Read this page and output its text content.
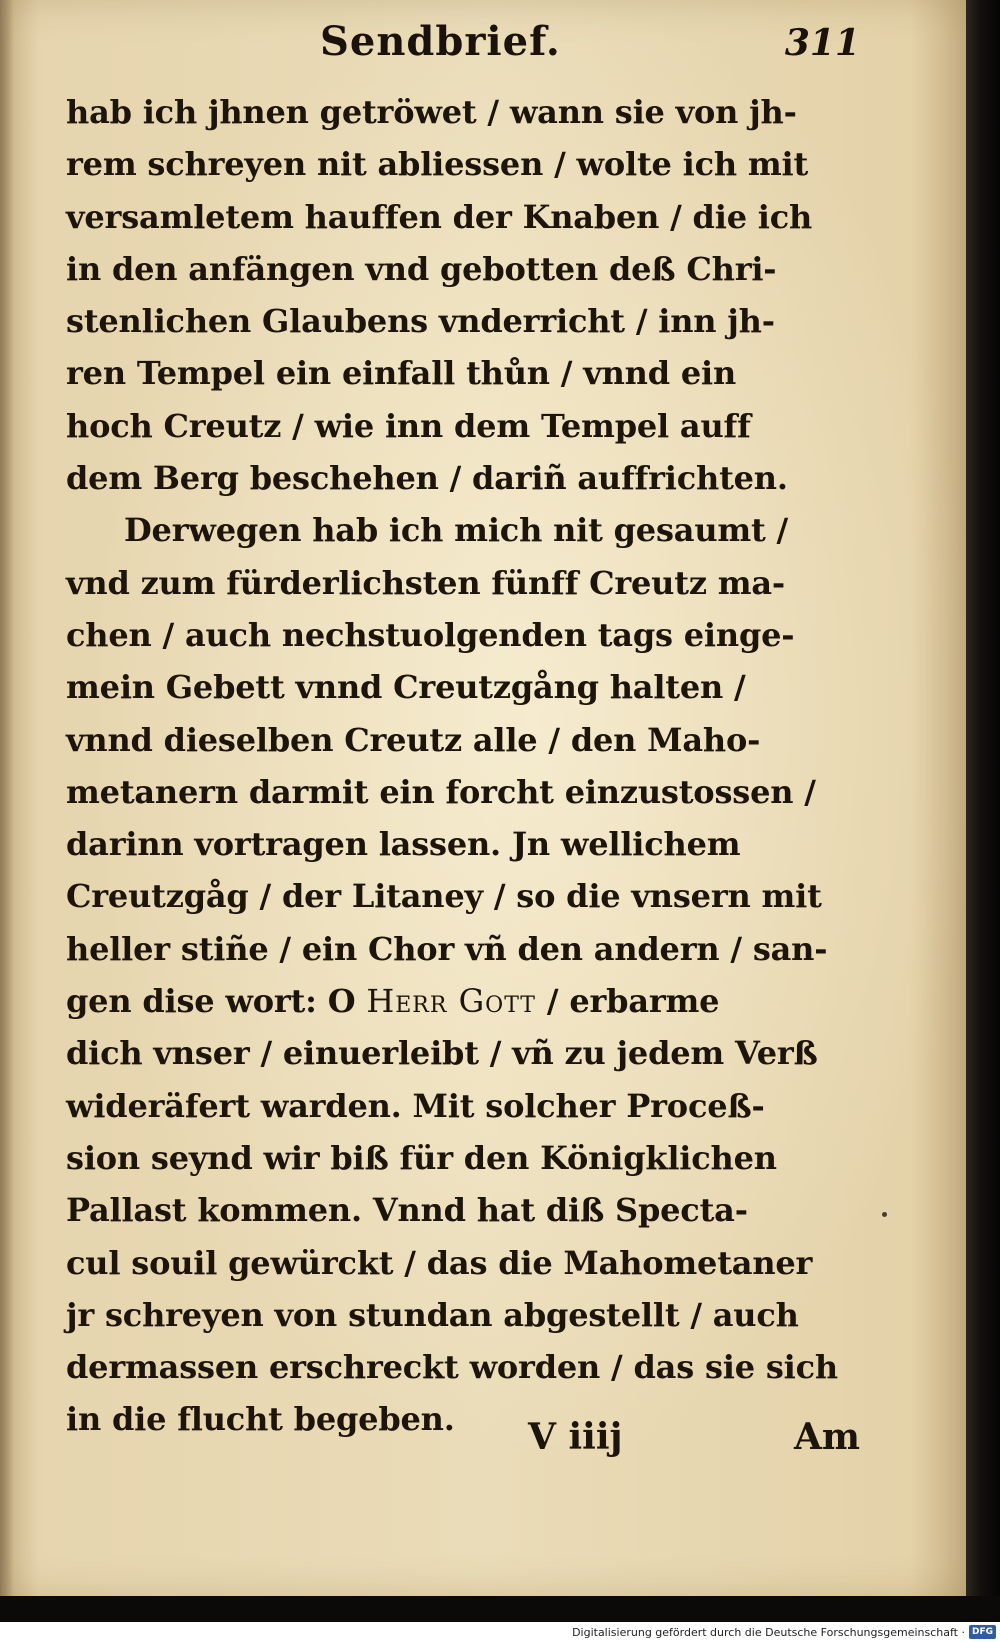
Sendbrief.	311
hab ich jhnen getröwet / wann sie von jh-
rem schreyen nit abliessen / wolte ich mit
versamletem hauffen der Knaben / die ich
in den anfängen vnd gebotten deß Chri-
stenlichen Glaubens vnderricht / inn jh-
ren Tempel ein einfall thůn / vnnd ein
hoch Creutz / wie inn dem Tempel auff
dem Berg beschehen / dariñ auffrichten.
Derwegen hab ich mich nit gesaumt /
vnd zum fürderlichsten fünff Creutz ma-
chen / auch nechstuolgenden tags einge-
mein Gebett vnnd Creutzgång halten /
vnnd dieselben Creutz alle / den Maho-
metanern darmit ein forcht einzustossen /
darinn vortragen lassen. Jn wellichem
Creutzgåg / der Litaney / so die vnsern mit
heller stiñe / ein Chor vñ den andern / san-
gen dise wort: O Herr Gott / erbarme
dich vnser / einuerleibt / vñ zu jedem Verß
wideräfert warden. Mit solcher Proceß-
sion seynd wir biß für den Königklichen
Pallast kommen. Vnnd hat diß Specta-
cul souil gewürckt / das die Mahometaner
jr schreyen von stundan abgestellt / auch
dermassen erschreckt worden / das sie sich
in die flucht begeben.	V iiij	Am
Digitalisierung gefördert durch die Deutsche Forschungsgemeinschaft · DFG
